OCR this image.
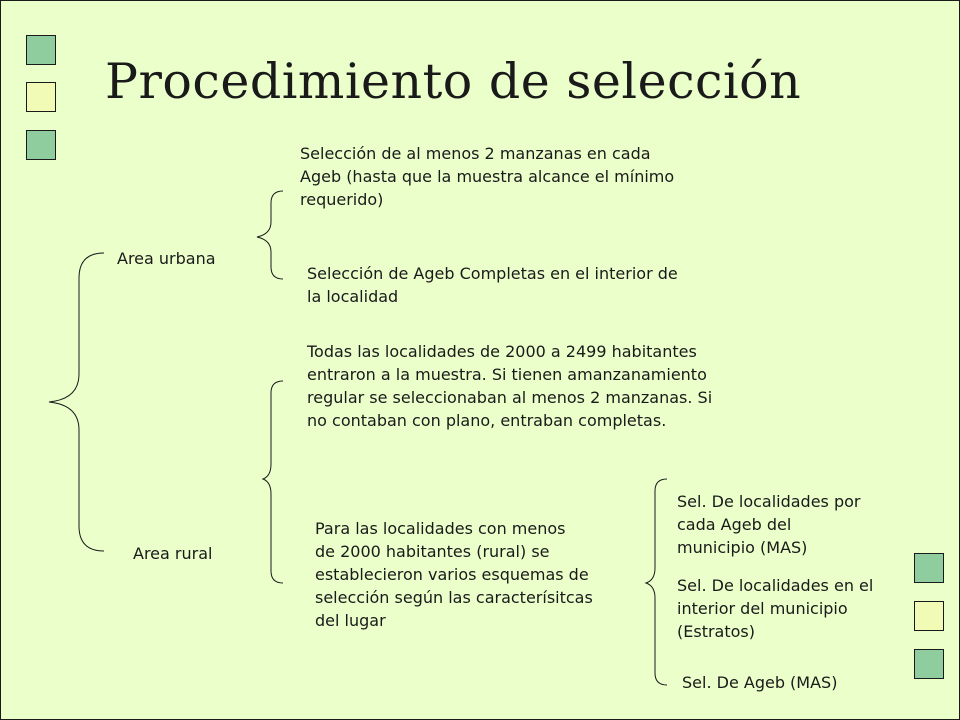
Procedimiento de selección
Area urbana
Selección de al menos 2 manzanas en cada
Ageb (hasta que la muestra alcance el mínimo
requerido)
Selección de Ageb Completas en el interior de
la localidad
Area rural
Todas las localidades de 2000 a 2499 habitantes
entraron a la muestra. Si tienen amanzanamiento
regular se seleccionaban al menos 2 manzanas. Si
no contaban con plano, entraban completas.
Para las localidades con menos
de 2000 habitantes (rural) se
establecieron varios esquemas de
selección según las caracterísitcas
del lugar
Sel. De localidades por
cada Ageb del
municipio (MAS)
Sel. De localidades en el
interior del municipio
(Estratos)
Sel. De Ageb (MAS)
